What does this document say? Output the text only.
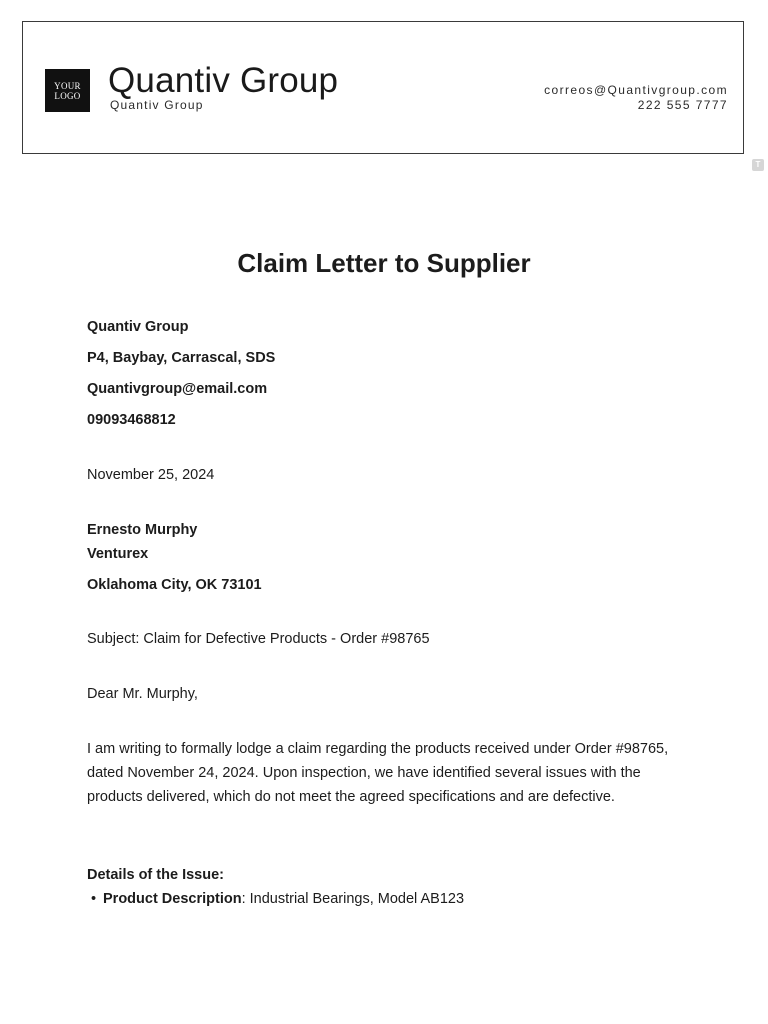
YOUR
LOGO Quantiv Group
Quantiv Group
correos@Quantivgroup.com
222 555 7777
T
Claim Letter to Supplier
Quantiv Group
P4, Baybay, Carrascal, SDS
Quantivgroup@email.com
09093468812
November 25, 2024
Ernesto Murphy
Venturex
Oklahoma City, OK 73101
Subject: Claim for Defective Products - Order #98765
Dear Mr. Murphy,
I am writing to formally lodge a claim regarding the products received under Order #98765, dated November 24, 2024. Upon inspection, we have identified several issues with the products delivered, which do not meet the agreed specifications and are defective.
Details of the Issue:
• Product Description: Industrial Bearings, Model AB123
